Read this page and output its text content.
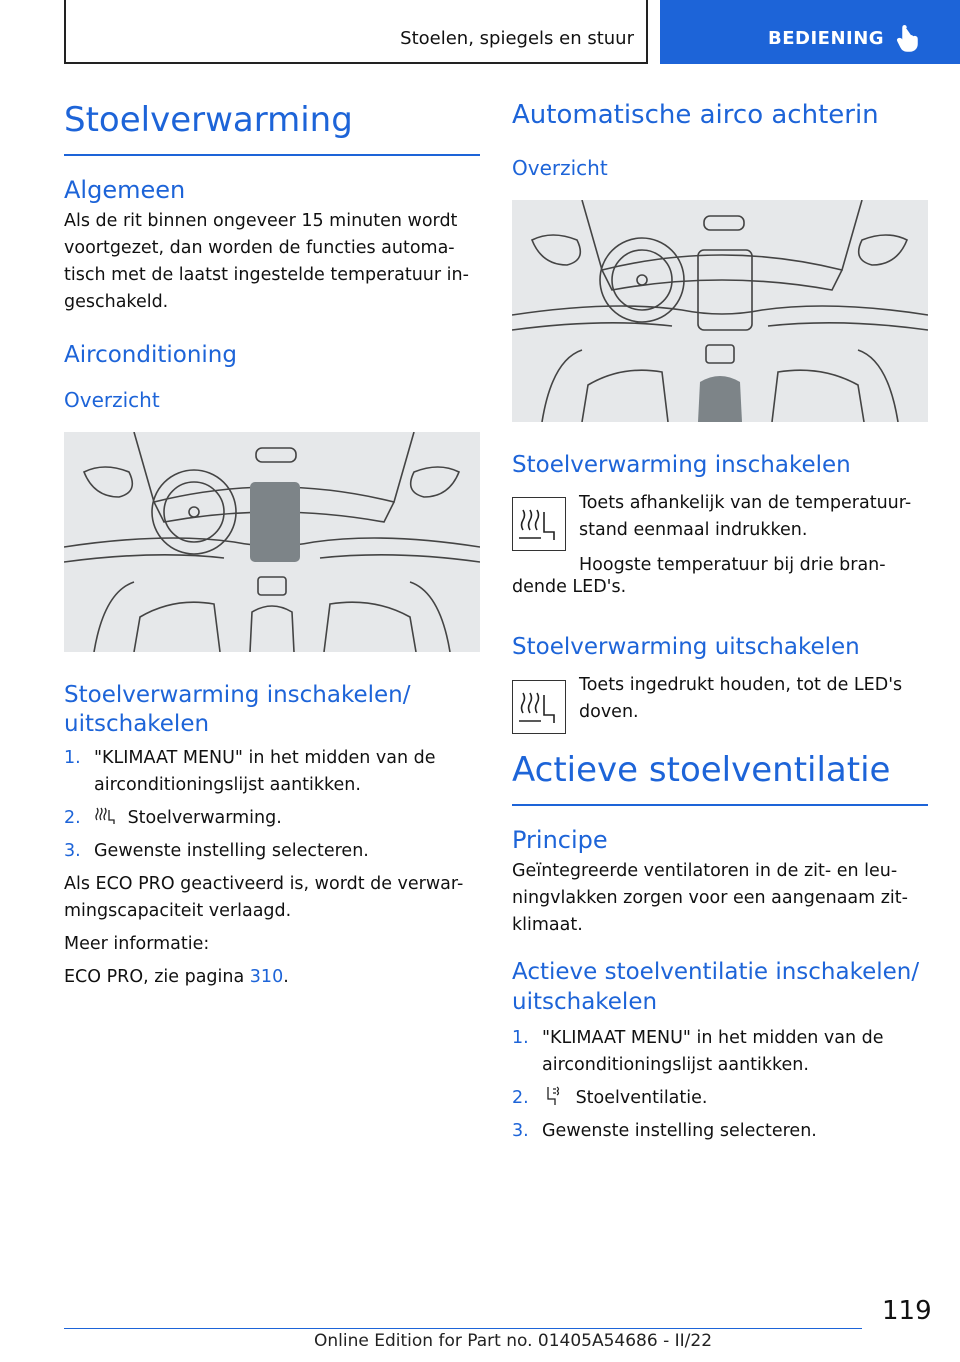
Stoelen, spiegels en stuur	BEDIENING
Stoelverwarming
Algemeen

Als de rit binnen ongeveer 15 minuten wordt

voortgezet, dan worden de functies automa-

tisch met de laatst ingestelde temperatuur in-

geschakeld.

Airconditioning
Overzicht
Stoelverwarming inschakelen/
uitschakelen
1. "KLIMAAT MENU" in het midden van de
airconditioningslijst aantikken.
2.	Stoelverwarming.
3. Gewenste instelling selecteren.

Als ECO PRO geactiveerd is, wordt de verwar-

mingscapaciteit verlaagd.

Meer informatie:

ECO PRO, zie pagina 310.

Automatische airco achterin
Overzicht
Stoelverwarming inschakelen

Toets afhankelijk van de temperatuur-

stand eenmaal indrukken.

Hoogste temperatuur bij drie bran-

dende LED's.

Stoelverwarming uitschakelen

Toets ingedrukt houden, tot de LED's

doven.

Actieve stoelventilatie
Principe

Geïntegreerde ventilatoren in de zit- en leu-

ningvlakken zorgen voor een aangenaam zit-

klimaat.

Actieve stoelventilatie inschakelen/
uitschakelen
1. "KLIMAAT MENU" in het midden van de
airconditioningslijst aantikken.
2.	Stoelventilatie.
3. Gewenste instelling selecteren.
119
Online Edition for Part no. 01405A54686 - II/22
